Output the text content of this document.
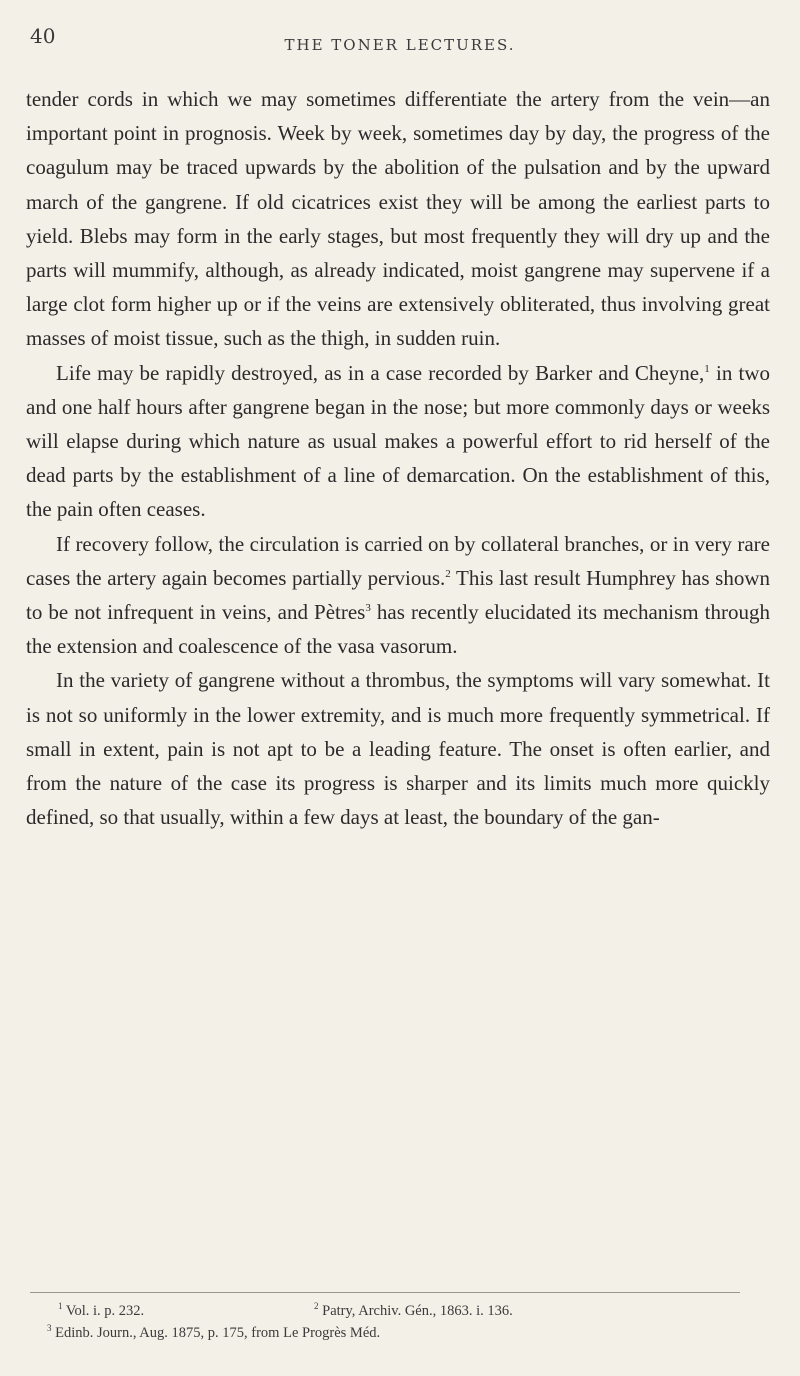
40	THE TONER LECTURES.

tender cords in which we may sometimes differentiate the artery from the vein—an important point in prognosis. Week by week, sometimes day by day, the progress of the coagulum may be traced upwards by the abolition of the pulsation and by the upward march of the gangrene. If old cicatrices exist they will be among the earliest parts to yield. Blebs may form in the early stages, but most frequently they will dry up and the parts will mummify, although, as already indicated, moist gangrene may supervene if a large clot form higher up or if the veins are extensively obliterated, thus involving great masses of moist tissue, such as the thigh, in sudden ruin.

Life may be rapidly destroyed, as in a case recorded by Barker and Cheyne,$^1$ in two and one half hours after gangrene began in the nose; but more commonly days or weeks will elapse during which nature as usual makes a powerful effort to rid herself of the dead parts by the establishment of a line of demarcation. On the establishment of this, the pain often ceases.

If recovery follow, the circulation is carried on by collateral branches, or in very rare cases the artery again becomes partially pervious.$^2$ This last result Humphrey has shown to be not infrequent in veins, and Pètres$^3$ has recently elucidated its mechanism through the extension and coalescence of the vasa vasorum.

In the variety of gangrene without a thrombus, the symptoms will vary somewhat. It is not so uniformly in the lower extremity, and is much more frequently symmetrical. If small in extent, pain is not apt to be a leading feature. The onset is often earlier, and from the nature of the case its progress is sharper and its limits much more quickly defined, so that usually, within a few days at least, the boundary of the gan-

$^1$ Vol. i. p. 232.	$^2$ Patry, Archiv. Gén., 1863. i. 136.
$^3$ Edinb. Journ., Aug. 1875, p. 175, from Le Progrès Méd.
